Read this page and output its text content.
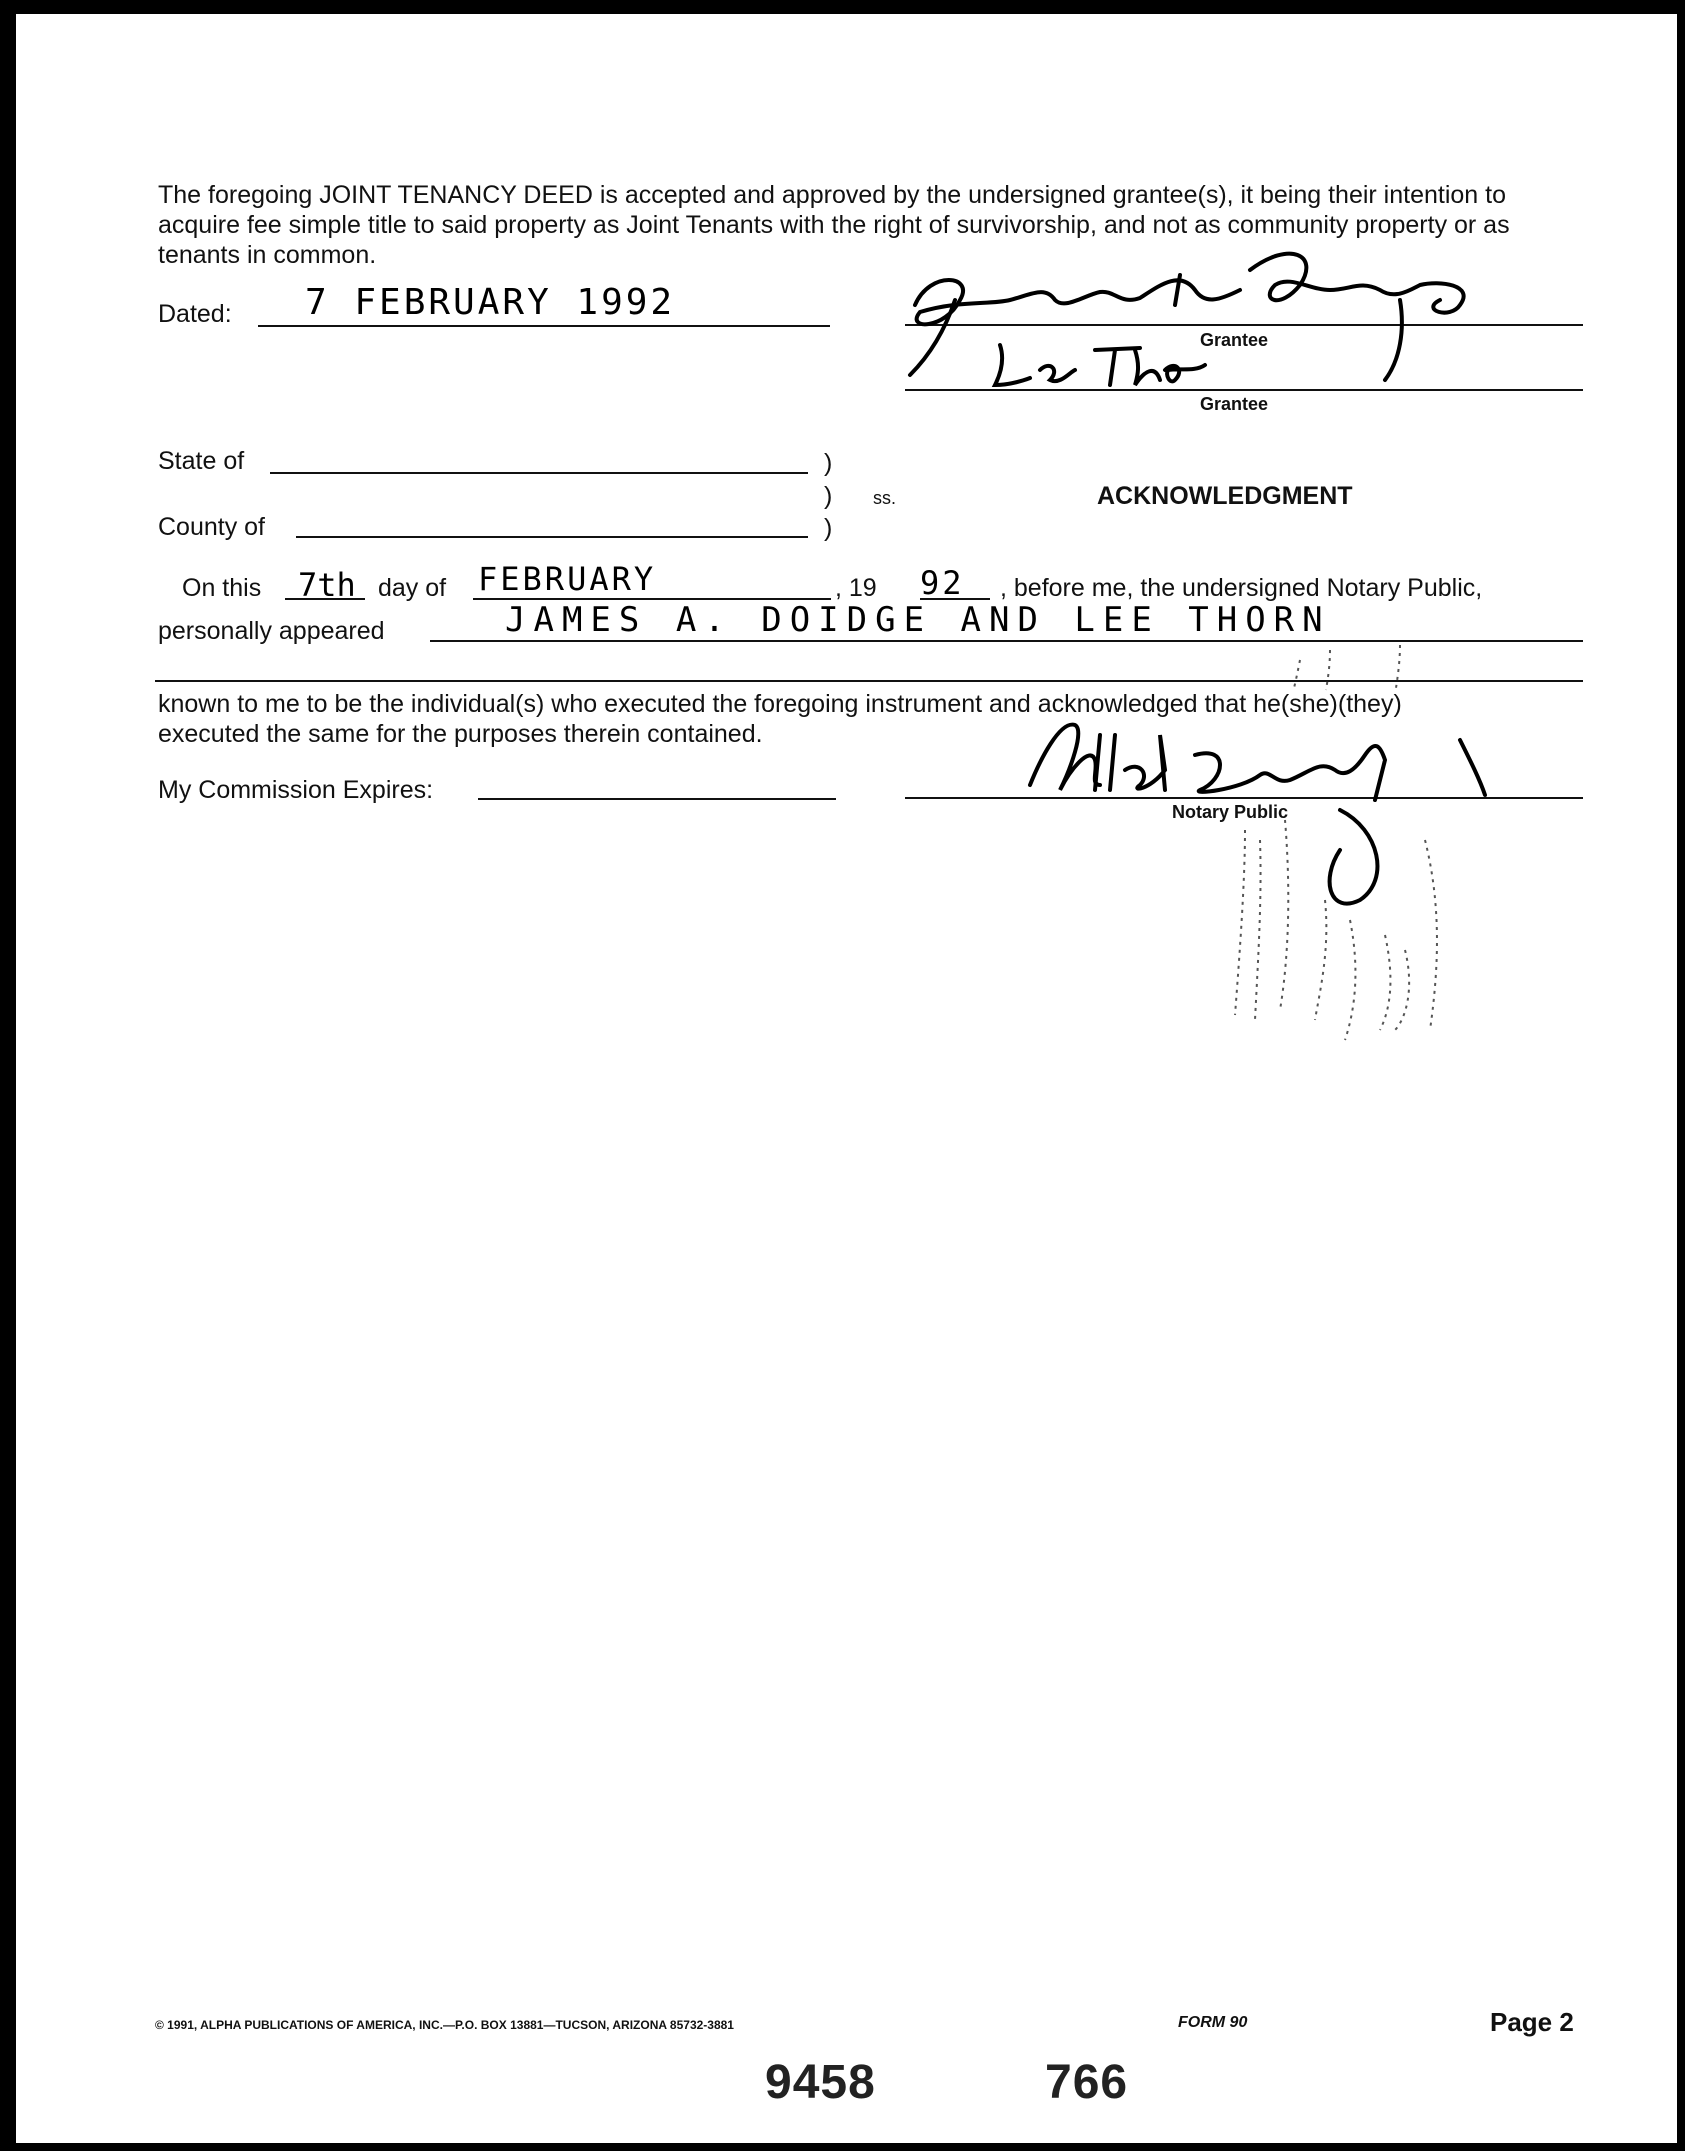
The foregoing JOINT TENANCY DEED is accepted and approved by the undersigned grantee(s), it being their intention to acquire fee simple title to said property as Joint Tenants with the right of survivorship, and not as community property or as tenants in common.
Dated: 7 FEBRUARY 1992
Grantee
Grantee
State of	)
)
)
ss.
County of
ACKNOWLEDGMENT
On this 7th day of FEBRUARY	, 19 92 , before me, the undersigned Notary Public,
personally appeared	JAMES A. DOIDGE AND LEE THORN
known to me to be the individual(s) who executed the foregoing instrument and acknowledged that he(she)(they)
executed the same for the purposes therein contained.
My Commission Expires:
Notary Public
© 1991, ALPHA PUBLICATIONS OF AMERICA, INC.—P.O. BOX 13881—TUCSON, ARIZONA 85732-3881	FORM 90	Page 2
9458	766
